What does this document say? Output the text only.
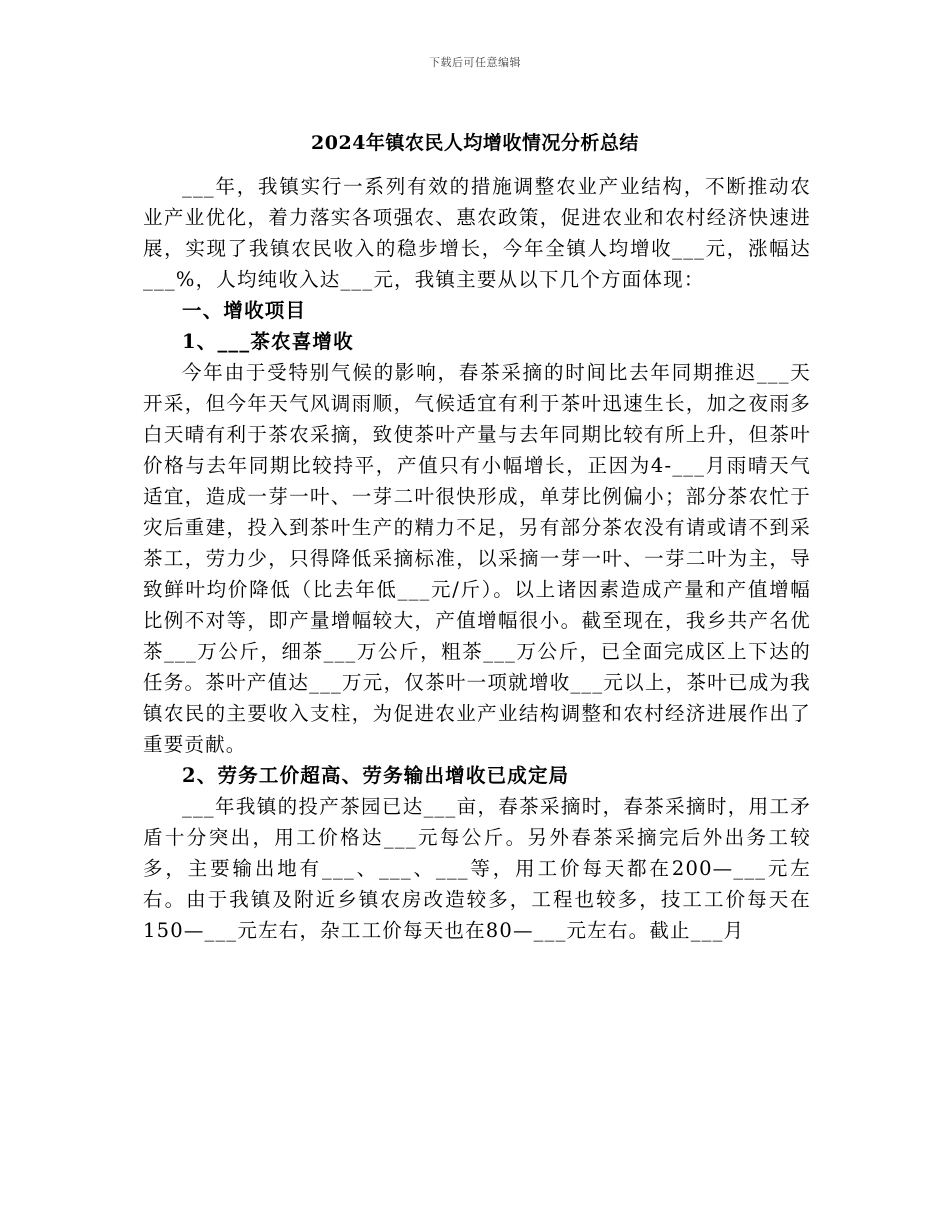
下载后可任意编辑
2024年镇农民人均增收情况分析总结

___年，我镇实行一系列有效的措施调整农业产业结构，不断推动农业产业优化，着力落实各项强农、惠农政策，促进农业和农村经济快速进展，实现了我镇农民收入的稳步增长，今年全镇人均增收___元，涨幅达___%，人均纯收入达___元，我镇主要从以下几个方面体现：

一、增收项目

1、___茶农喜增收

今年由于受特别气候的影响，春茶采摘的时间比去年同期推迟___天开采，但今年天气风调雨顺，气候适宜有利于茶叶迅速生长，加之夜雨多白天晴有利于茶农采摘，致使茶叶产量与去年同期比较有所上升，但茶叶价格与去年同期比较持平，产值只有小幅增长，正因为4-___月雨晴天气适宜，造成一芽一叶、一芽二叶很快形成，单芽比例偏小；部分茶农忙于灾后重建，投入到茶叶生产的精力不足，另有部分茶农没有请或请不到采茶工，劳力少，只得降低采摘标准，以采摘一芽一叶、一芽二叶为主，导致鲜叶均价降低（比去年低___元/斤）。以上诸因素造成产量和产值增幅比例不对等，即产量增幅较大，产值增幅很小。截至现在，我乡共产名优茶___万公斤，细茶___万公斤，粗茶___万公斤，已全面完成区上下达的任务。茶叶产值达___万元，仅茶叶一项就增收___元以上，茶叶已成为我镇农民的主要收入支柱，为促进农业产业结构调整和农村经济进展作出了重要贡献。

2、劳务工价超高、劳务输出增收已成定局

___年我镇的投产茶园已达___亩，春茶采摘时，春茶采摘时，用工矛盾十分突出，用工价格达___元每公斤。另外春茶采摘完后外出务工较多，主要输出地有___、___、___等，用工价每天都在200—___元左右。由于我镇及附近乡镇农房改造较多，工程也较多，技工工价每天在150—___元左右，杂工工价每天也在80—___元左右。截止___月
